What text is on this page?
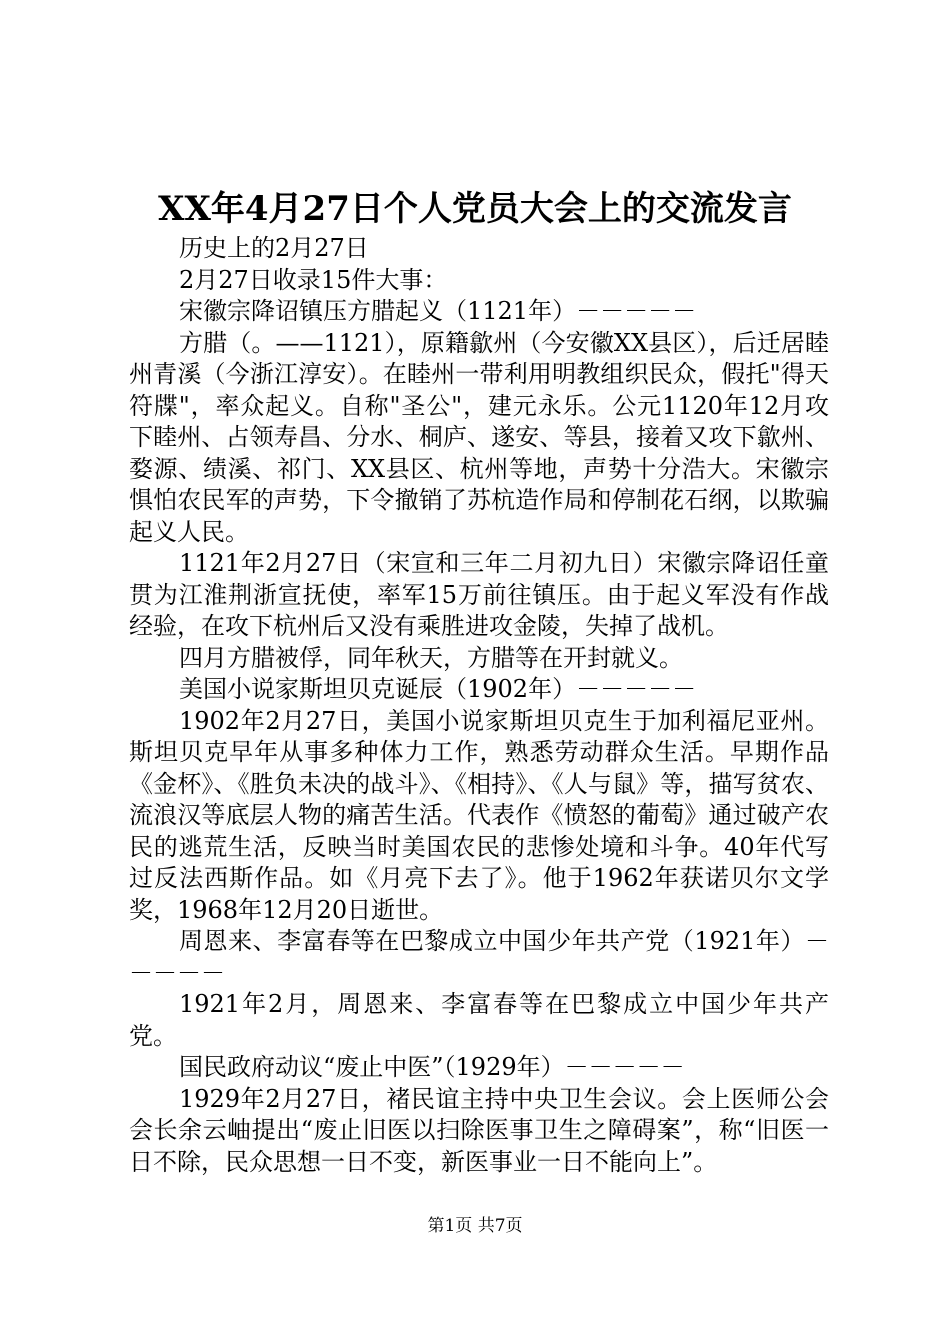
XX年4月27日个人党员大会上的交流发言

历史上的2月27日

2月27日收录15件大事：

宋徽宗降诏镇压方腊起义（1121年）－－－－－

方腊（。——1121），原籍歙州（今安徽XX县区），后迁居睦州青溪（今浙江淳安）。在睦州一带利用明教组织民众，假托"得天符牒"，率众起义。自称"圣公"，建元永乐。公元1120年12月攻下睦州、占领寿昌、分水、桐庐、遂安、等县，接着又攻下歙州、婺源、绩溪、祁门、XX县区、杭州等地，声势十分浩大。宋徽宗惧怕农民军的声势，下令撤销了苏杭造作局和停制花石纲，以欺骗起义人民。

1121年2月27日（宋宣和三年二月初九日）宋徽宗降诏任童贯为江淮荆浙宣抚使，率军15万前往镇压。由于起义军没有作战经验，在攻下杭州后又没有乘胜进攻金陵，失掉了战机。

四月方腊被俘，同年秋天，方腊等在开封就义。

美国小说家斯坦贝克诞辰（1902年）－－－－－

1902年2月27日，美国小说家斯坦贝克生于加利福尼亚州。斯坦贝克早年从事多种体力工作，熟悉劳动群众生活。早期作品《金杯》、《胜负未决的战斗》、《相持》、《人与鼠》等，描写贫农、流浪汉等底层人物的痛苦生活。代表作《愤怒的葡萄》通过破产农民的逃荒生活，反映当时美国农民的悲惨处境和斗争。40年代写过反法西斯作品。如《月亮下去了》。他于1962年获诺贝尔文学奖，1968年12月20日逝世。

周恩来、李富春等在巴黎成立中国少年共产党（1921年）－－－－－

1921年2月，周恩来、李富春等在巴黎成立中国少年共产党。

国民政府动议“废止中医”（1929年）－－－－－

1929年2月27日，褚民谊主持中央卫生会议。会上医师公会会长余云岫提出“废止旧医以扫除医事卫生之障碍案”，称“旧医一日不除，民众思想一日不变，新医事业一日不能向上”。

第1页 共7页
